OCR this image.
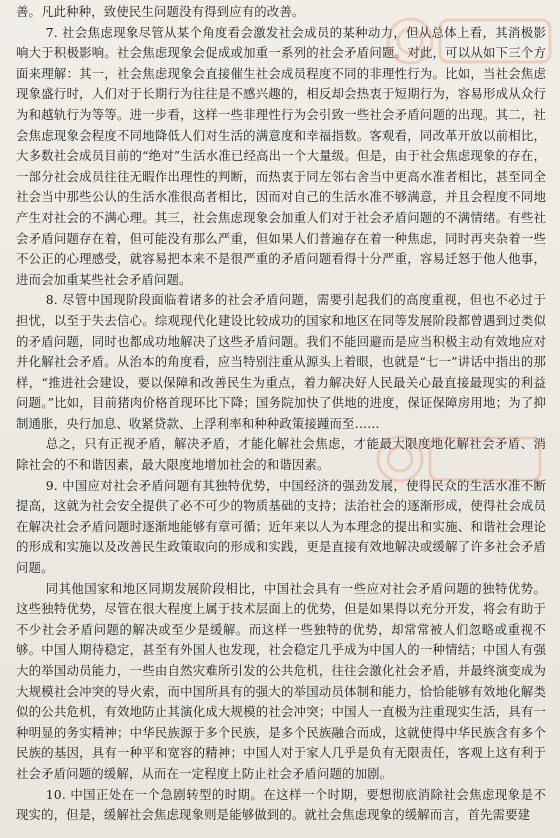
善。凡此种种，致使民生问题没有得到应有的改善。

7. 社会焦虑现象尽管从某个角度看会激发社会成员的某种动力，但从总体上看，其消极影响大于积极影响。社会焦虑现象会促成或加重一系列的社会矛盾问题。对此，可以从如下三个方面来理解：其一，社会焦虑现象会直接催生社会成员程度不同的非理性行为。比如，当社会焦虑现象盛行时，人们对于长期行为往往是不感兴趣的，相反却会热衷于短期行为，容易形成从众行为和越轨行为等等。进一步看，这样一些非理性行为会引致一些社会矛盾问题的出现。其二，社会焦虑现象会程度不同地降低人们对生活的满意度和幸福指数。客观看，同改革开放以前相比，大多数社会成员目前的“绝对”生活水准已经高出一个大量级。但是，由于社会焦虑现象的存在，一部分社会成员往往无暇作出理性的判断，而热衷于同左邻右舍当中更高水准者相比，甚至同全社会当中那些公认的生活水准很高者相比，因而对自己的生活水准不够满意，并且会程度不同地产生对社会的不满心理。其三，社会焦虑现象会加重人们对于社会矛盾问题的不满情绪。有些社会矛盾问题存在着，但可能没有那么严重，但如果人们普遍存在着一种焦虑，同时再夹杂着一些不公正的心理感受，就容易把本来不是很严重的矛盾问题看得十分严重，容易迁怒于他人他事，进而会加重某些社会矛盾问题。

8. 尽管中国现阶段面临着诸多的社会矛盾问题，需要引起我们的高度重视，但也不必过于担忧，以至于失去信心。综观现代化建设比较成功的国家和地区在同等发展阶段都曾遇到过类似的矛盾问题，同时也都成功地解决了这些矛盾问题。我们不能回避而是应当积极主动有效地应对并化解社会矛盾。从治本的角度看，应当特别注重从源头上着眼，也就是“七一”讲话中指出的那样，“推进社会建设，要以保障和改善民生为重点，着力解决好人民最关心最直接最现实的利益问题。”比如，目前猪肉价格首现环比下降；国务院加快了供地的进度，保证保障房用地；为了抑制通胀，央行加息、收紧贷款、上浮利率和种种政策接踵而至……

总之，只有正视矛盾，解决矛盾，才能化解社会焦虑，才能最大限度地化解社会矛盾、消除社会的不和谐因素，最大限度地增加社会的和谐因素。

9. 中国应对社会矛盾问题有其独特优势，中国经济的强劲发展，使得民众的生活水准不断提高，这就为社会安全提供了必不可少的物质基础的支持；法治社会的逐渐形成，使得社会成员在解决社会矛盾问题时逐渐地能够有章可循；近年来以人为本理念的提出和实施、和谐社会理论的形成和实施以及改善民生政策取向的形成和实践，更是直接有效地解决或缓解了许多社会矛盾问题。

同其他国家和地区同期发展阶段相比，中国社会具有一些应对社会矛盾问题的独特优势。这些独特优势，尽管在很大程度上属于技术层面上的优势，但是如果得以充分开发，将会有助于不少社会矛盾问题的解决或至少是缓解。而这样一些独特的优势，却常常被人们忽略或重视不够。中国人期待稳定，甚至有外国人也发现，社会稳定几乎成为中国人的一种情结；中国人有强大的举国动员能力，一些由自然灾难所引发的公共危机，往往会激化社会矛盾，并最终演变成为大规模社会冲突的导火索，而中国所具有的强大的举国动员体制和能力，恰恰能够有效地化解类似的公共危机，有效地防止其演化成大规模的社会冲突；中国人一直极为注重现实生活，具有一种明显的务实精神；中华民族源于多个民族，是多个民族融合而成，这就使得中华民族含有多个民族的基因，具有一种平和宽容的精神；中国人对于家人几乎是负有无限责任，客观上这有利于社会矛盾问题的缓解，从而在一定程度上防止社会矛盾问题的加剧。

10. 中国正处在一个急剧转型的时期。在这样一个时期，要想彻底消除社会焦虑现象是不现实的，但是，缓解社会焦虑现象则是能够做到的。就社会焦虑现象的缓解而言，首先需要建
